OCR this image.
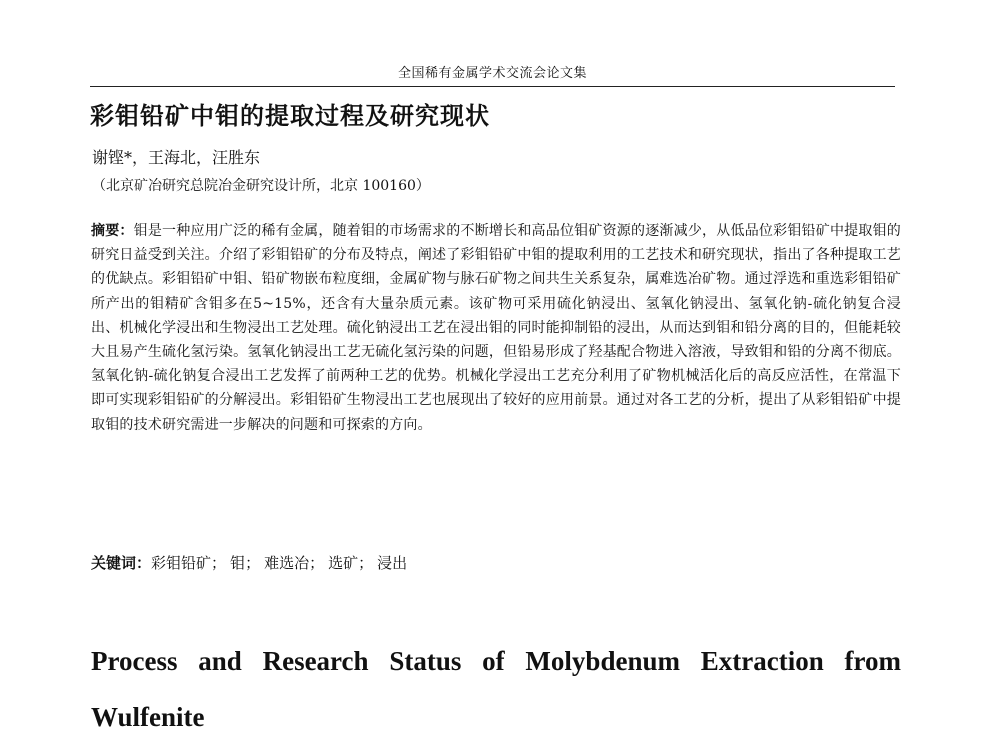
全国稀有金属学术交流会论文集
彩钼铅矿中钼的提取过程及研究现状
谢铿*，王海北，汪胜东
（北京矿冶研究总院冶金研究设计所，北京 100160）
摘要：钼是一种应用广泛的稀有金属，随着钼的市场需求的不断增长和高品位钼矿资源的逐渐减少，从低品位彩钼铅矿中提取钼的研究日益受到关注。介绍了彩钼铅矿的分布及特点，阐述了彩钼铅矿中钼的提取利用的工艺技术和研究现状，指出了各种提取工艺的优缺点。彩钼铅矿中钼、铅矿物嵌布粒度细，金属矿物与脉石矿物之间共生关系复杂，属难选冶矿物。通过浮选和重选彩钼铅矿所产出的钼精矿含钼多在5~15%，还含有大量杂质元素。该矿物可采用硫化钠浸出、氢氧化钠浸出、氢氧化钠-硫化钠复合浸出、机械化学浸出和生物浸出工艺处理。硫化钠浸出工艺在浸出钼的同时能抑制铅的浸出，从而达到钼和铅分离的目的，但能耗较大且易产生硫化氢污染。氢氧化钠浸出工艺无硫化氢污染的问题，但铅易形成了羟基配合物进入溶液，导致钼和铅的分离不彻底。氢氧化钠-硫化钠复合浸出工艺发挥了前两种工艺的优势。机械化学浸出工艺充分利用了矿物机械活化后的高反应活性，在常温下即可实现彩钼铅矿的分解浸出。彩钼铅矿生物浸出工艺也展现出了较好的应用前景。通过对各工艺的分析，提出了从彩钼铅矿中提取钼的技术研究需进一步解决的问题和可探索的方向。
关键词：彩钼铅矿； 钼； 难选冶； 选矿； 浸出
Process and Research Status of Molybdenum Extraction from Wulfenite
